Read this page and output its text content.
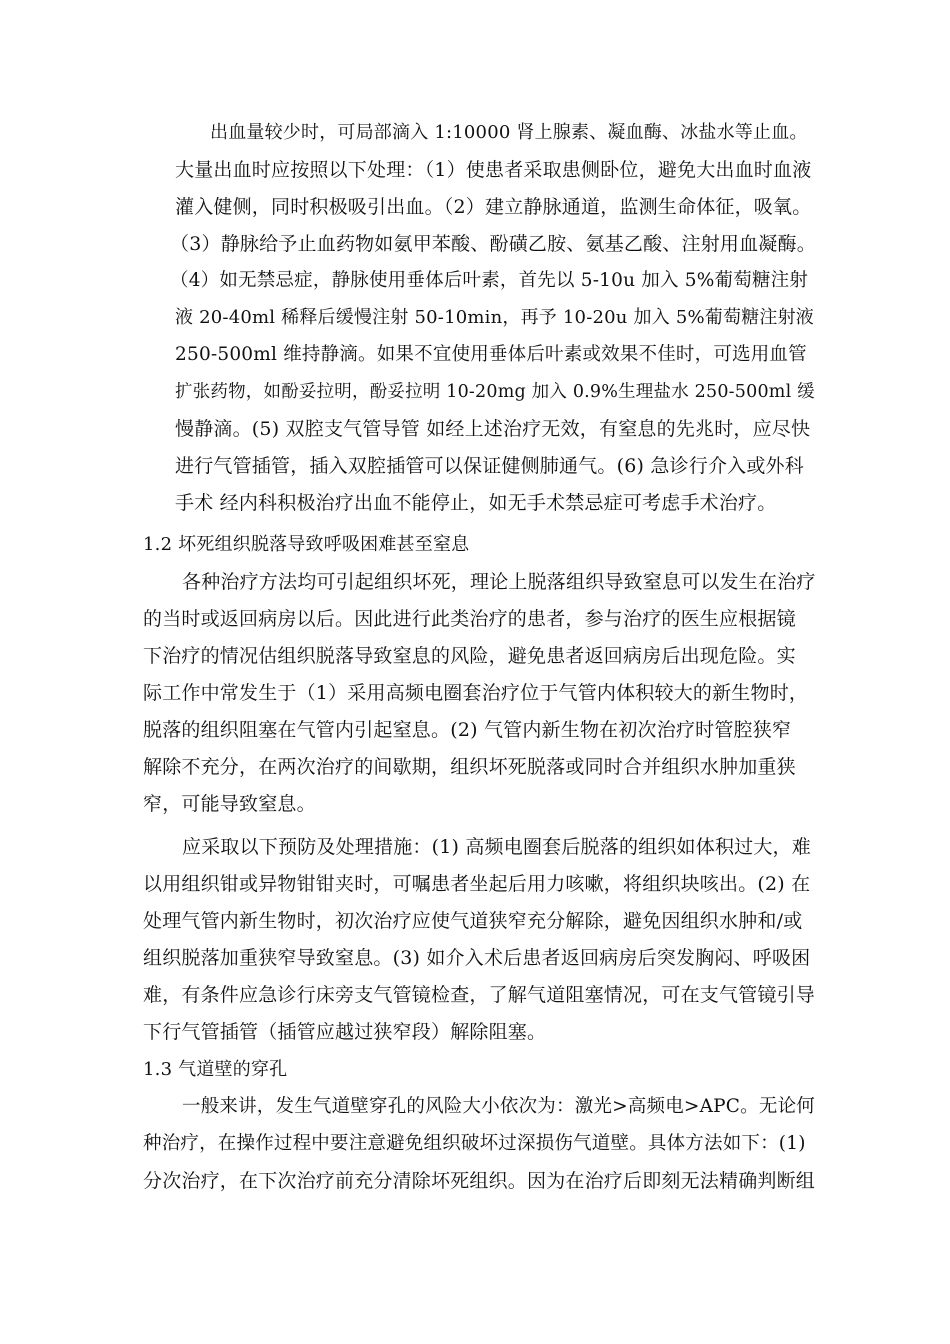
出血量较少时，可局部滴入 1:10000 肾上腺素、凝血酶、冰盐水等止血。
大量出血时应按照以下处理：（1）使患者采取患侧卧位，避免大出血时血液
灌入健侧，同时积极吸引出血。（2）建立静脉通道，监测生命体征，吸氧。
（3）静脉给予止血药物如氨甲苯酸、酚磺乙胺、氨基乙酸、注射用血凝酶。
（4）如无禁忌症，静脉使用垂体后叶素，首先以 5-10u 加入 5%葡萄糖注射
液 20-40ml 稀释后缓慢注射 50-10min，再予 10-20u 加入 5%葡萄糖注射液
250-500ml 维持静滴。如果不宜使用垂体后叶素或效果不佳时，可选用血管
扩张药物，如酚妥拉明，酚妥拉明 10-20mg 加入 0.9%生理盐水 250-500ml 缓
慢静滴。(5) 双腔支气管导管 如经上述治疗无效，有窒息的先兆时，应尽快
进行气管插管，插入双腔插管可以保证健侧肺通气。(6) 急诊行介入或外科
手术 经内科积极治疗出血不能停止，如无手术禁忌症可考虑手术治疗。
1.2 坏死组织脱落导致呼吸困难甚至窒息
各种治疗方法均可引起组织坏死，理论上脱落组织导致窒息可以发生在治疗
的当时或返回病房以后。因此进行此类治疗的患者，参与治疗的医生应根据镜
下治疗的情况估组织脱落导致窒息的风险，避免患者返回病房后出现危险。实
际工作中常发生于（1）采用高频电圈套治疗位于气管内体积较大的新生物时，
脱落的组织阻塞在气管内引起窒息。(2) 气管内新生物在初次治疗时管腔狭窄
解除不充分，在两次治疗的间歇期，组织坏死脱落或同时合并组织水肿加重狭
窄，可能导致窒息。
应采取以下预防及处理措施：(1) 高频电圈套后脱落的组织如体积过大，难
以用组织钳或异物钳钳夹时，可嘱患者坐起后用力咳嗽，将组织块咳出。(2) 在
处理气管内新生物时，初次治疗应使气道狭窄充分解除，避免因组织水肿和/或
组织脱落加重狭窄导致窒息。(3) 如介入术后患者返回病房后突发胸闷、呼吸困
难，有条件应急诊行床旁支气管镜检查，了解气道阻塞情况，可在支气管镜引导
下行气管插管（插管应越过狭窄段）解除阻塞。
1.3 气道壁的穿孔
一般来讲，发生气道壁穿孔的风险大小依次为：激光>高频电>APC。无论何
种治疗，在操作过程中要注意避免组织破坏过深损伤气道壁。具体方法如下：(1)
分次治疗，在下次治疗前充分清除坏死组织。因为在治疗后即刻无法精确判断组
